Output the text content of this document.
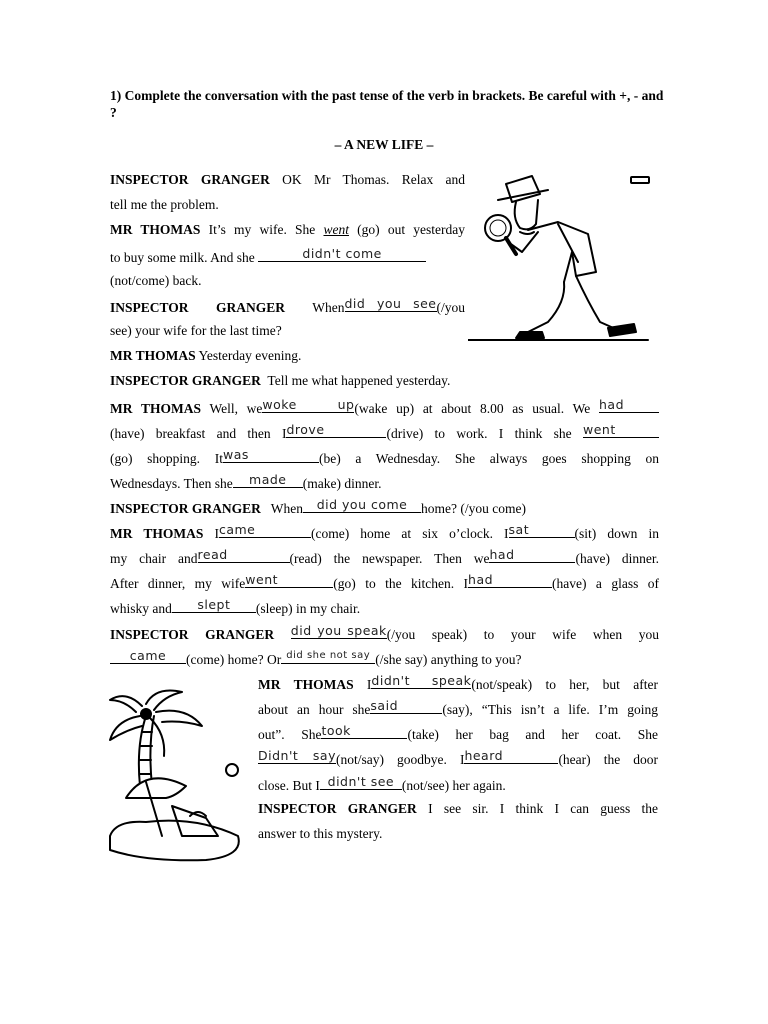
1) Complete the conversation with the past tense of the verb in brackets. Be careful with +, - and ?
– A NEW LIFE –
INSPECTOR GRANGER OK Mr Thomas. Relax and
tell me the problem.
MR THOMAS It’s my wife. She went (go) out yesterday
to buy some milk. And she	didn't come
(not/come) back.
INSPECTOR GRANGER When did you see (/you
see) your wife for the last time?
MR THOMAS Yesterday evening.
INSPECTOR GRANGER Tell me what happened yesterday.
MR THOMAS Well, we woke up (wake up) at about 8.00 as usual. We had
(have) breakfast and then I drove	(drive) to work. I think she went
(go) shopping. It was	(be) a Wednesday. She always goes shopping on
Wednesdays. Then she	made	(make) dinner.
INSPECTOR GRANGER When	did you come	home? (/you come)
MR THOMAS I came	(come) home at six o’clock. I sat	(sit) down in
my chair and read	(read) the newspaper. Then we had	(have) dinner.
After dinner, my wife went	(go) to the kitchen. I had	(have) a glass of
whisky and	slept	(sleep) in my chair.
INSPECTOR GRANGER did you speak (/you speak) to your wife when you
came	(come) home? Or did she not say (/she say) anything to you?
MR THOMAS I didn't speak (not/speak) to her, but after
about an hour she said	(say), “This isn’t a life. I’m going
out”. She took	(take) her bag and her coat. She
Didn't say (not/say) goodbye. I heard	(hear) the door
close. But I didn't see (not/see) her again.
INSPECTOR GRANGER I see sir. I think I can guess the
answer to this mystery.
